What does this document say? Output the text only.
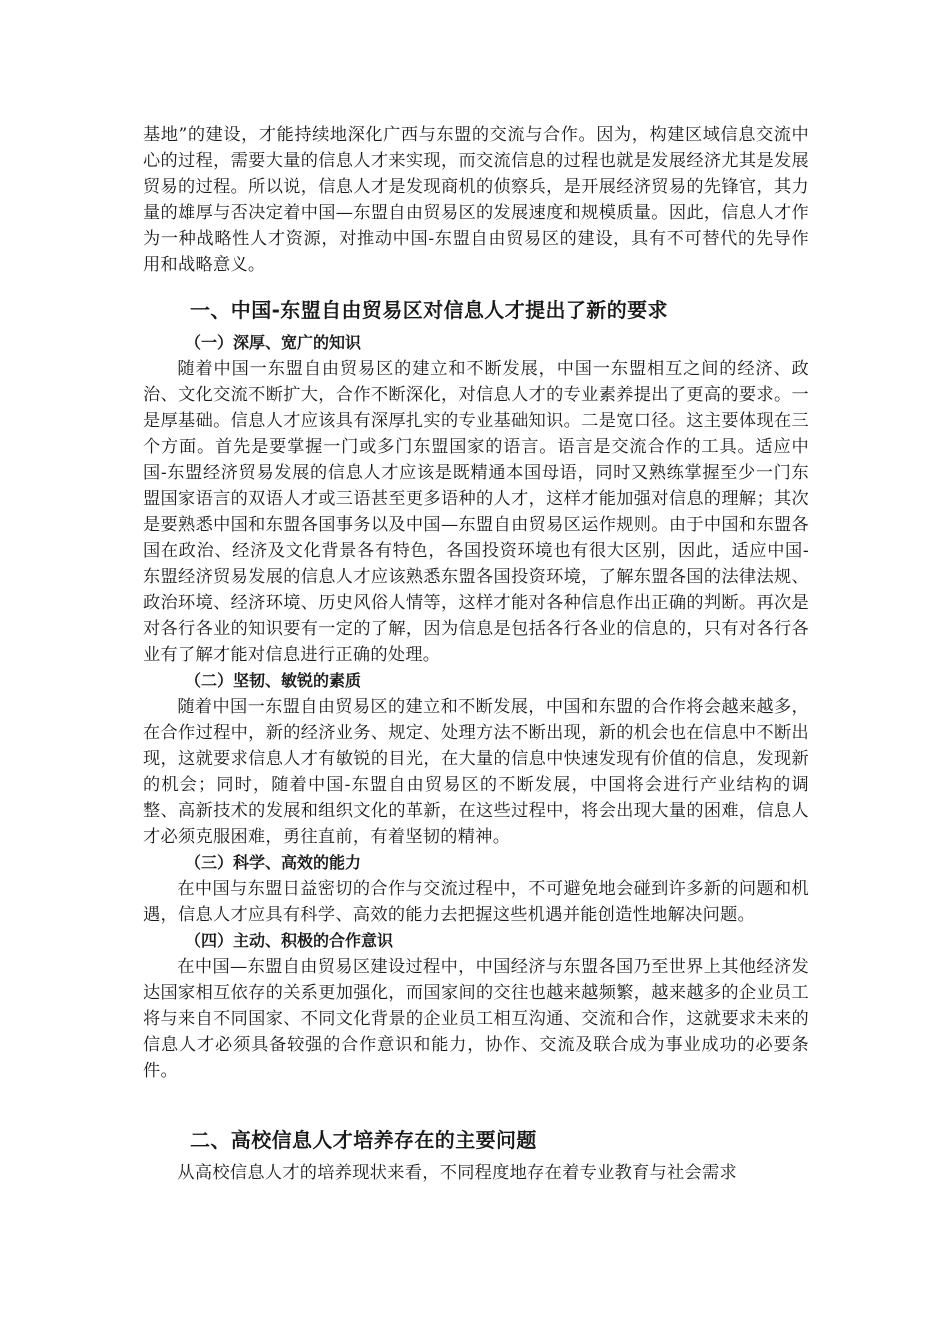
基地”的建设，才能持续地深化广西与东盟的交流与合作。因为，构建区域信息交流中心的过程，需要大量的信息人才来实现，而交流信息的过程也就是发展经济尤其是发展贸易的过程。所以说，信息人才是发现商机的侦察兵，是开展经济贸易的先锋官，其力量的雄厚与否决定着中国—东盟自由贸易区的发展速度和规模质量。因此，信息人才作为一种战略性人才资源，对推动中国-东盟自由贸易区的建设，具有不可替代的先导作用和战略意义。

一、中国-东盟自由贸易区对信息人才提出了新的要求
（一）深厚、宽广的知识

随着中国一东盟自由贸易区的建立和不断发展，中国一东盟相互之间的经济、政治、文化交流不断扩大，合作不断深化，对信息人才的专业素养提出了更高的要求。一是厚基础。信息人才应该具有深厚扎实的专业基础知识。二是宽口径。这主要体现在三个方面。首先是要掌握一门或多门东盟国家的语言。语言是交流合作的工具。适应中国-东盟经济贸易发展的信息人才应该是既精通本国母语，同时又熟练掌握至少一门东盟国家语言的双语人才或三语甚至更多语种的人才，这样才能加强对信息的理解；其次是要熟悉中国和东盟各国事务以及中国—东盟自由贸易区运作规则。由于中国和东盟各国在政治、经济及文化背景各有特色，各国投资环境也有很大区别，因此，适应中国-东盟经济贸易发展的信息人才应该熟悉东盟各国投资环境，了解东盟各国的法律法规、政治环境、经济环境、历史风俗人情等，这样才能对各种信息作出正确的判断。再次是对各行各业的知识要有一定的了解，因为信息是包括各行各业的信息的，只有对各行各业有了解才能对信息进行正确的处理。

（二）坚韧、敏锐的素质

随着中国一东盟自由贸易区的建立和不断发展，中国和东盟的合作将会越来越多，在合作过程中，新的经济业务、规定、处理方法不断出现，新的机会也在信息中不断出现，这就要求信息人才有敏锐的目光，在大量的信息中快速发现有价值的信息，发现新的机会；同时，随着中国-东盟自由贸易区的不断发展，中国将会进行产业结构的调整、高新技术的发展和组织文化的革新，在这些过程中，将会出现大量的困难，信息人才必须克服困难，勇往直前，有着坚韧的精神。

（三）科学、高效的能力

在中国与东盟日益密切的合作与交流过程中，不可避免地会碰到许多新的问题和机遇，信息人才应具有科学、高效的能力去把握这些机遇并能创造性地解决问题。

（四）主动、积极的合作意识

在中国—东盟自由贸易区建设过程中，中国经济与东盟各国乃至世界上其他经济发达国家相互依存的关系更加强化，而国家间的交往也越来越频繁，越来越多的企业员工将与来自不同国家、不同文化背景的企业员工相互沟通、交流和合作，这就要求未来的信息人才必须具备较强的合作意识和能力，协作、交流及联合成为事业成功的必要条件。

二、高校信息人才培养存在的主要问题

从高校信息人才的培养现状来看，不同程度地存在着专业教育与社会需求
